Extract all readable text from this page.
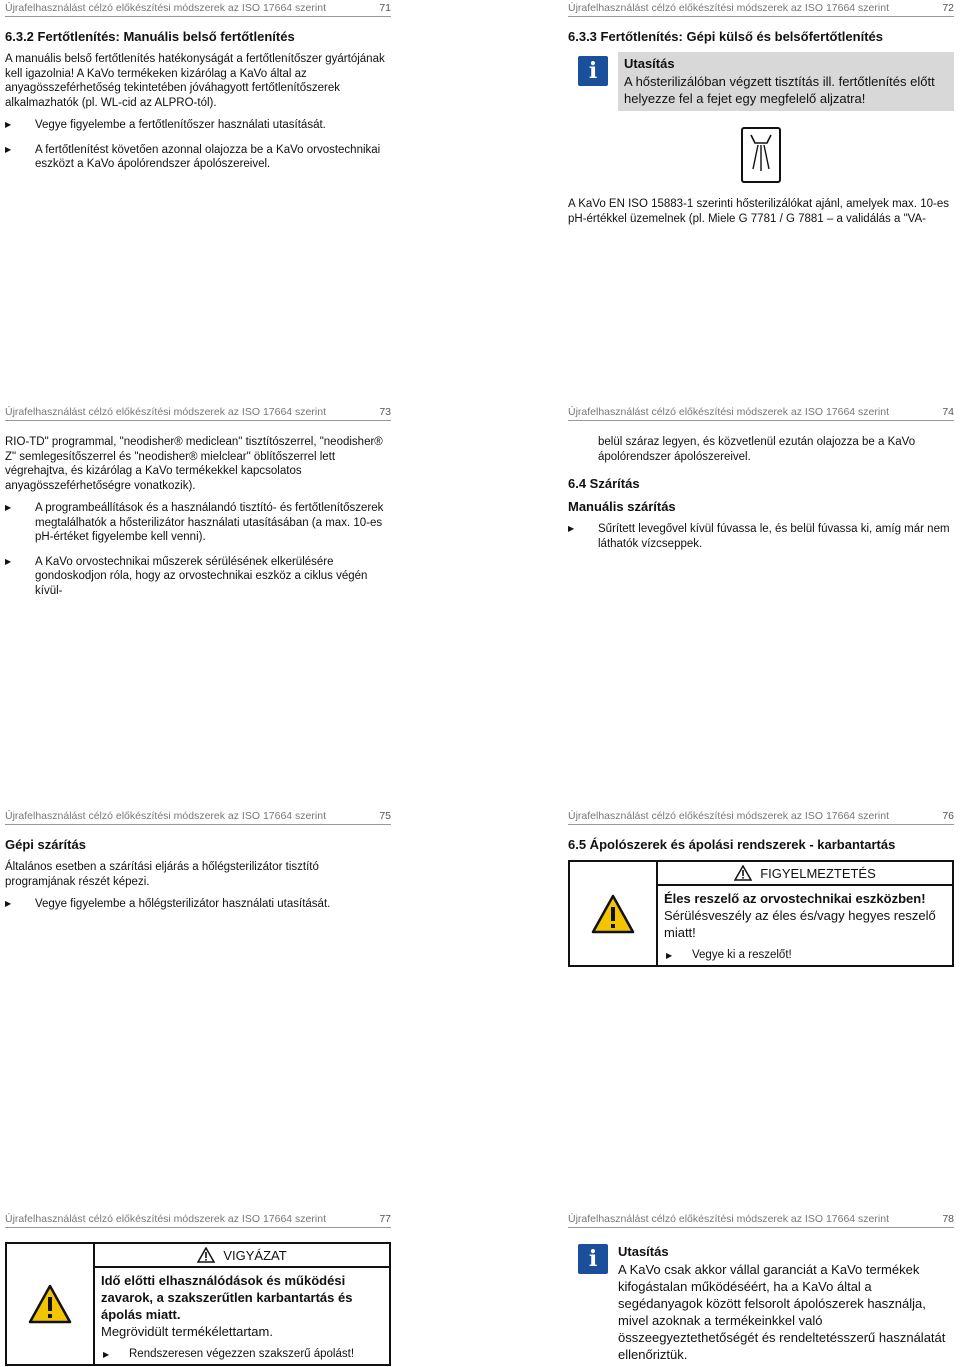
Újrafelhasználást célzó előkészítési módszerek az ISO 17664 szerint	71
6.3.2 Fertőtlenítés: Manuális belső fertőtlenítés

A manuális belső fertőtlenítés hatékonyságát a fertőtlenítőszer gyártójának kell igazolnia! A KaVo termékeken kizárólag a KaVo által az anyagösszeférhetőség tekintetében jóváhagyott fertőtlenítőszerek alkalmazhatók (pl. WL-cid az ALPRO-tól).

▶ Vegye figyelembe a fertőtlenítőszer használati utasítását.
▶ A fertőtlenítést követően azonnal olajozza be a KaVo orvostechnikai eszközt a KaVo ápolórendszer ápolószereivel.
Újrafelhasználást célzó előkészítési módszerek az ISO 17664 szerint	72
6.3.3 Fertőtlenítés: Gépi külső és belsőfertőtlenítés
i	Utasítás
A hősterilizálóban végzett tisztítás ill. fertőtlenítés előtt helyezze fel a fejet egy megfelelő aljzatra!

A KaVo EN ISO 15883-1 szerinti hősterilizálókat ajánl, amelyek max. 10-es pH-értékkel üzemelnek (pl. Miele G 7781 / G 7881 – a validálás a "VA-

Újrafelhasználást célzó előkészítési módszerek az ISO 17664 szerint	73

RIO-TD" programmal, "neodisher® mediclean" tisztítószerrel, "neodisher® Z" semlegesítőszerrel és "neodisher® mielclear" öblítőszerrel lett végrehajtva, és kizárólag a KaVo termékekkel kapcsolatos anyagösszeférhetőségre vonatkozik).

▶ A programbeállítások és a használandó tisztító- és fertőtlenítőszerek megtalálhatók a hősterilizátor használati utasításában (a max. 10-es pH-értéket figyelembe kell venni).
▶ A KaVo orvostechnikai műszerek sérülésének elkerülésére gondoskodjon róla, hogy az orvostechnikai eszköz a ciklus végén kívül-
Újrafelhasználást célzó előkészítési módszerek az ISO 17664 szerint	74
belül száraz legyen, és közvetlenül ezután olajozza be a KaVo ápolórendszer ápolószereivel.
6.4 Szárítás
Manuális szárítás
▶ Sűrített levegővel kívül fúvassa le, és belül fúvassa ki, amíg már nem láthatók vízcseppek.
Újrafelhasználást célzó előkészítési módszerek az ISO 17664 szerint	75
Gépi szárítás

Általános esetben a szárítási eljárás a hőlégsterilizátor tisztító programjának részét képezi.

▶ Vegye figyelembe a hőlégsterilizátor használati utasítását.
Újrafelhasználást célzó előkészítési módszerek az ISO 17664 szerint	76
6.5 Ápolószerek és ápolási rendszerek - karbantartás
FIGYELMEZTETÉS
Éles reszelő az orvostechnikai eszközben!
Sérülésveszély az éles és/vagy hegyes reszelő miatt!
▶ Vegye ki a reszelőt!
Újrafelhasználást célzó előkészítési módszerek az ISO 17664 szerint	77
VIGYÁZAT
Idő előtti elhasználódások és működési zavarok, a szakszerűtlen karbantartás és ápolás miatt.
Megrövidült termékélettartam.
▶ Rendszeresen végezzen szakszerű ápolást!
Újrafelhasználást célzó előkészítési módszerek az ISO 17664 szerint	78
i	Utasítás
A KaVo csak akkor vállal garanciát a KaVo termékek kifogástalan működéséért, ha a KaVo által a segédanyagok között felsorolt ápolószerek használja, mivel azoknak a termékeinkkel való összeegyeztethetőségét és rendeltetésszerű használatát ellenőriztük.
